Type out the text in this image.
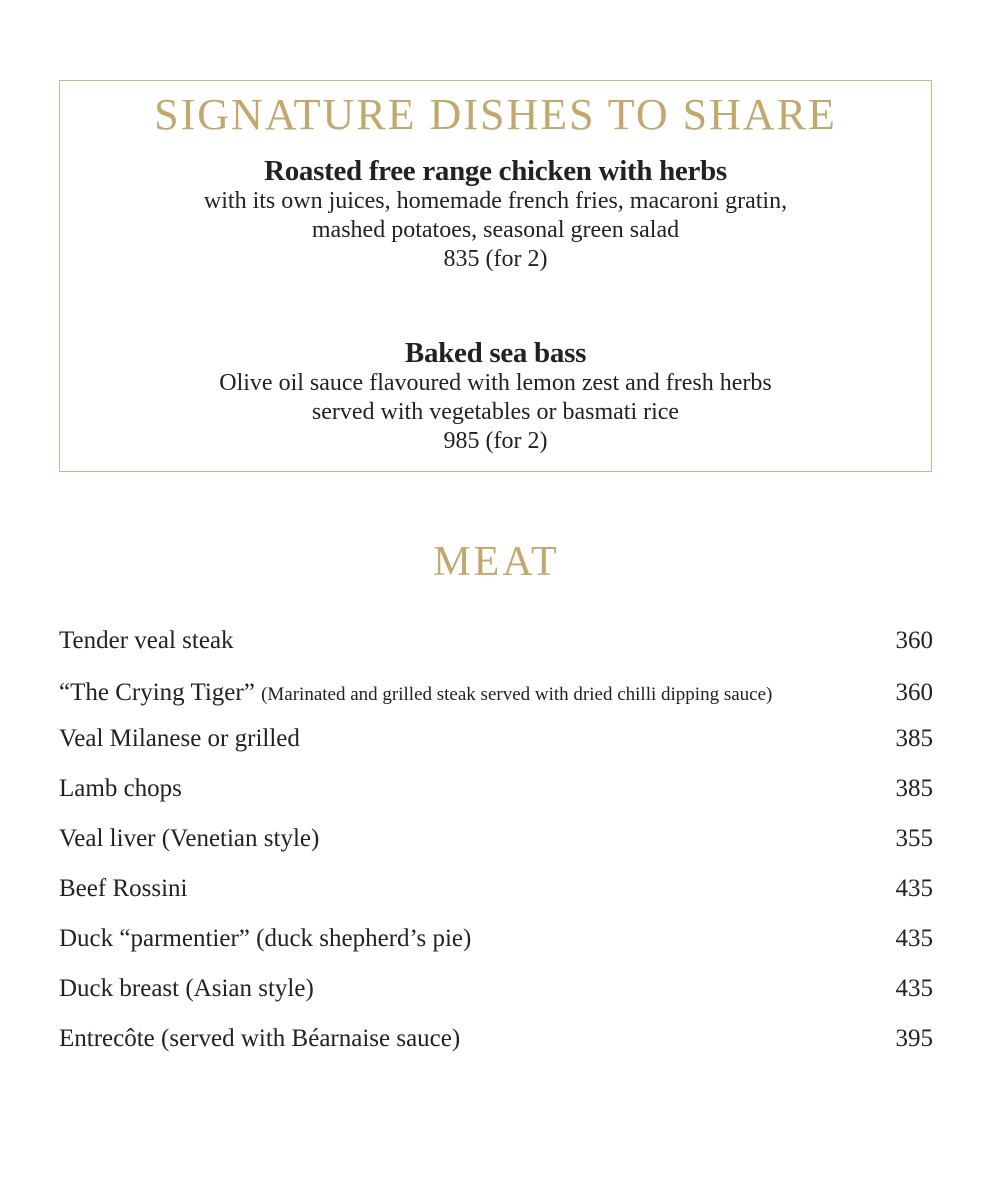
SIGNATURE DISHES TO SHARE
Roasted free range chicken with herbs
with its own juices, homemade french fries, macaroni gratin,
mashed potatoes, seasonal green salad
835 (for 2)
Baked sea bass
Olive oil sauce flavoured with lemon zest and fresh herbs
served with vegetables or basmati rice
985 (for 2)
MEAT
Tender veal steak	360
“The Crying Tiger” (Marinated and grilled steak served with dried chilli dipping sauce)	360
Veal Milanese or grilled	385
Lamb chops	385
Veal liver (Venetian style)	355
Beef Rossini	435
Duck “parmentier” (duck shepherd’s pie)	435
Duck breast (Asian style)	435
Entrecôte (served with Béarnaise sauce)	395
